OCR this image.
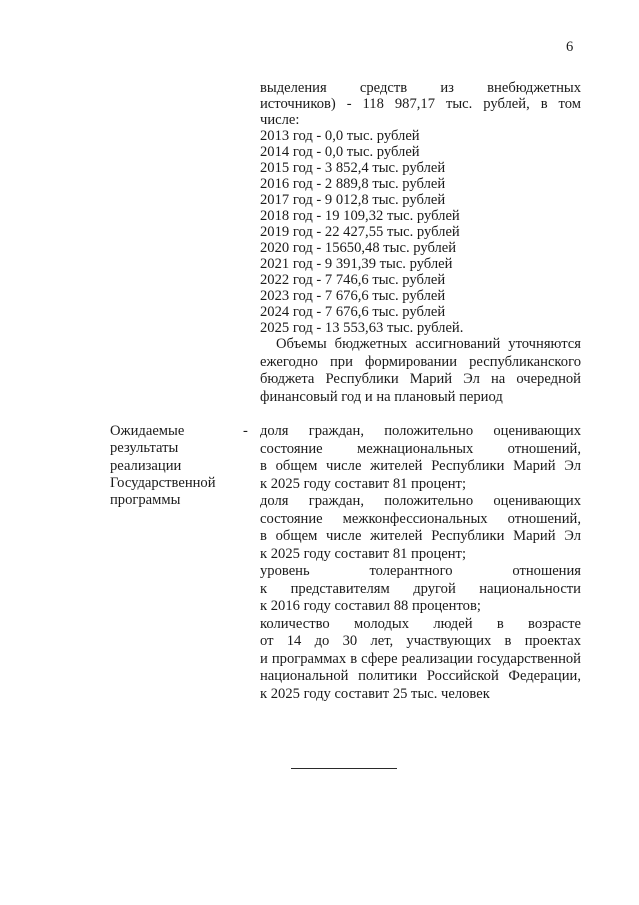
6
выделения средств из внебюджетных
источников) - 118 987,17 тыс. рублей, в том
числе:
2013 год - 0,0 тыс. рублей
2014 год - 0,0 тыс. рублей
2015 год - 3 852,4 тыс. рублей
2016 год - 2 889,8 тыс. рублей
2017 год - 9 012,8 тыс. рублей
2018 год - 19 109,32 тыс. рублей
2019 год - 22 427,55 тыс. рублей
2020 год - 15650,48 тыс. рублей
2021 год - 9 391,39 тыс. рублей
2022 год - 7 746,6 тыс. рублей
2023 год - 7 676,6 тыс. рублей
2024 год - 7 676,6 тыс. рублей
2025 год - 13 553,63 тыс. рублей.
Объемы бюджетных ассигнований уточняются
ежегодно при формировании республиканского
бюджета Республики Марий Эл на очередной
финансовый год и на плановый период
Ожидаемые
результаты
реализации
Государственной
программы
- доля граждан, положительно оценивающих
состояние межнациональных отношений,
в общем числе жителей Республики Марий Эл
к 2025 году составит 81 процент;
доля граждан, положительно оценивающих
состояние межконфессиональных отношений,
в общем числе жителей Республики Марий Эл
к 2025 году составит 81 процент;
уровень толерантного отношения
к представителям другой национальности
к 2016 году составил 88 процентов;
количество молодых людей в возрасте
от 14 до 30 лет, участвующих в проектах
и программах в сфере реализации государственной
национальной политики Российской Федерации,
к 2025 году составит 25 тыс. человек
